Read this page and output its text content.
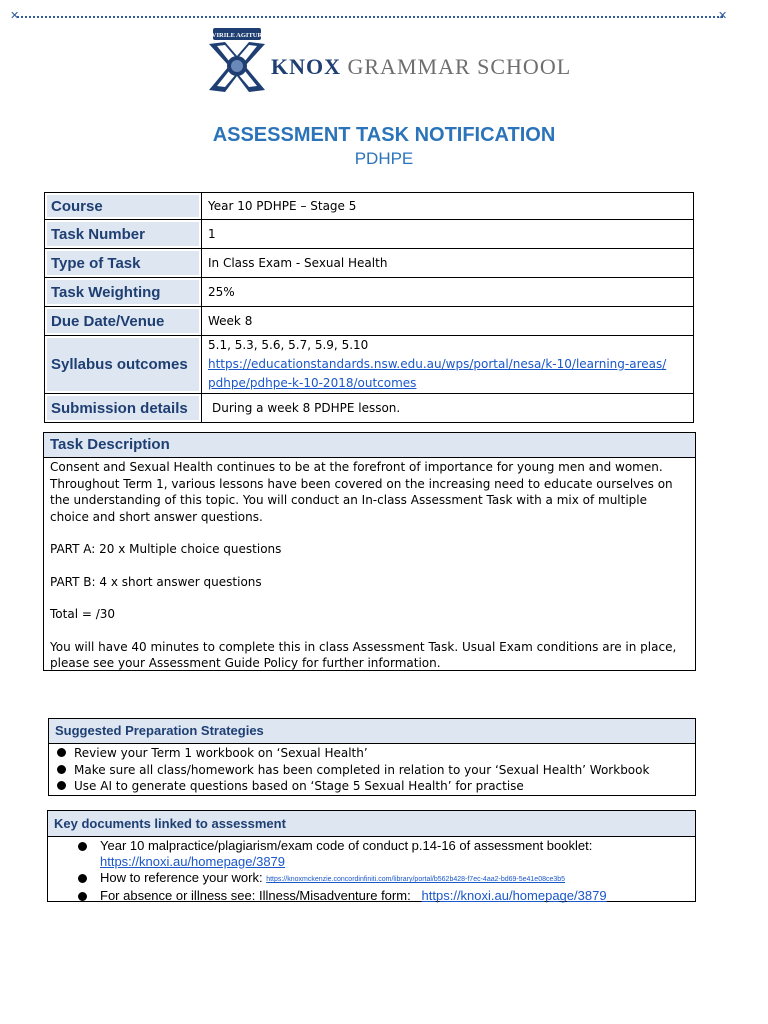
✕	✕
VIRILE AGITUR
KNOX GRAMMAR SCHOOL
ASSESSMENT TASK NOTIFICATION
PDHPE
Course	Year 10 PDHPE – Stage 5
Task Number	1
Type of Task	In Class Exam - Sexual Health
Task Weighting	25%
Due Date/Venue	Week 8
Syllabus outcomes	5.1, 5.3, 5.6, 5.7, 5.9, 5.10
https://educationstandards.nsw.edu.au/wps/portal/nesa/k-10/learning-areas/
pdhpe/pdhpe-k-10-2018/outcomes

Submission details	During a week 8 PDHPE lesson.
Task Description

Consent and Sexual Health continues to be at the forefront of importance for young men and women. Throughout Term 1, various lessons have been covered on the increasing need to educate ourselves on the understanding of this topic. You will conduct an In-class Assessment Task with a mix of multiple choice and short answer questions.

PART A: 20 x Multiple choice questions

PART B: 4 x short answer questions

Total = /30

You will have 40 minutes to complete this in class Assessment Task. Usual Exam conditions are in place, please see your Assessment Guide Policy for further information.

Suggested Preparation Strategies
Review your Term 1 workbook on ‘Sexual Health’
Make sure all class/homework has been completed in relation to your ‘Sexual Health’ Workbook
Use AI to generate questions based on ‘Stage 5 Sexual Health’ for practise
Key documents linked to assessment
Year 10 malpractice/plagiarism/exam code of conduct p.14-16 of assessment booklet:
https://knoxi.au/homepage/3879
How to reference your work: https://knoxmckenzie.concordinfiniti.com/library/portal/b562b428-f7ec-4aa2-bd69-5e41e08ce3b5
For absence or illness see: Illness/Misadventure form: https://knoxi.au/homepage/3879
